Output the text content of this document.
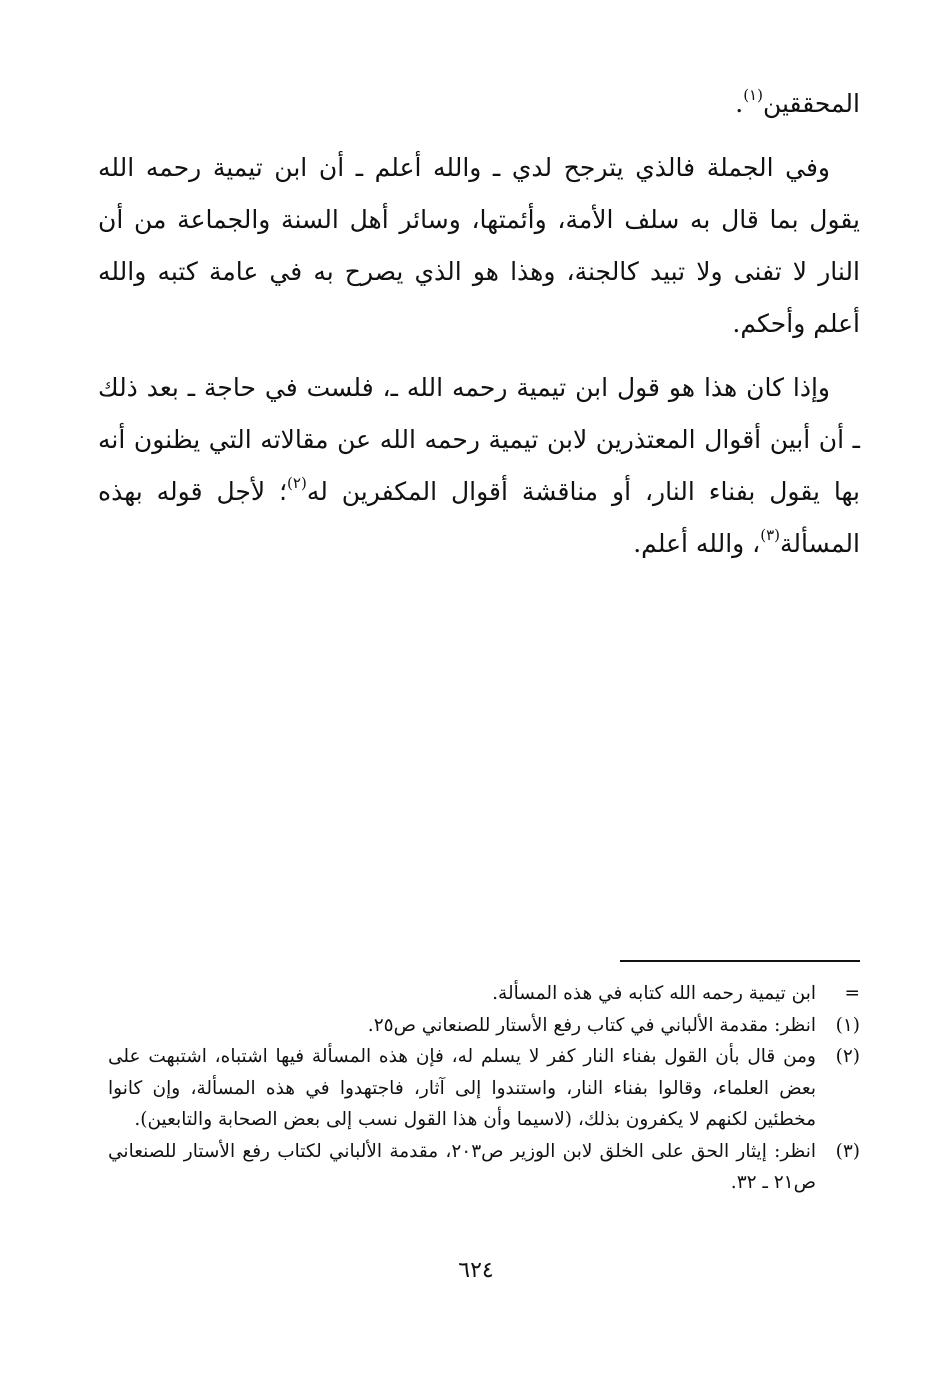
المحققين$^{(١)}$.

وفي الجملة فالذي يترجح لدي ـ والله أعلم ـ أن ابن تيمية رحمه الله يقول بما قال به سلف الأمة، وأئمتها، وسائر أهل السنة والجماعة من أن النار لا تفنى ولا تبيد كالجنة، وهذا هو الذي يصرح به في عامة كتبه والله أعلم وأحكم.

وإذا كان هذا هو قول ابن تيمية رحمه الله ـ، فلست في حاجة ـ بعد ذلك ـ أن أبين أقوال المعتذرين لابن تيمية رحمه الله عن مقالاته التي يظنون أنه بها يقول بفناء النار، أو مناقشة أقوال المكفرين له$^{(٢)}$؛ لأجل قوله بهذه المسألة$^{(٣)}$، والله أعلم.

=
ابن تيمية رحمه الله كتابه في هذه المسألة.
(١)
انظر: مقدمة الألباني في كتاب رفع الأستار للصنعاني ص٢٥.
(٢)
ومن قال بأن القول بفناء النار كفر لا يسلم له، فإن هذه المسألة فيها اشتباه، اشتبهت على بعض العلماء، وقالوا بفناء النار، واستندوا إلى آثار، فاجتهدوا في هذه المسألة، وإن كانوا مخطئين لكنهم لا يكفرون بذلك، (لاسيما وأن هذا القول نسب إلى بعض الصحابة والتابعين).
(٣)
انظر: إيثار الحق على الخلق لابن الوزير ص٢٠٣، مقدمة الألباني لكتاب رفع الأستار للصنعاني ص٢١ ـ ٣٢.
٦٢٤
